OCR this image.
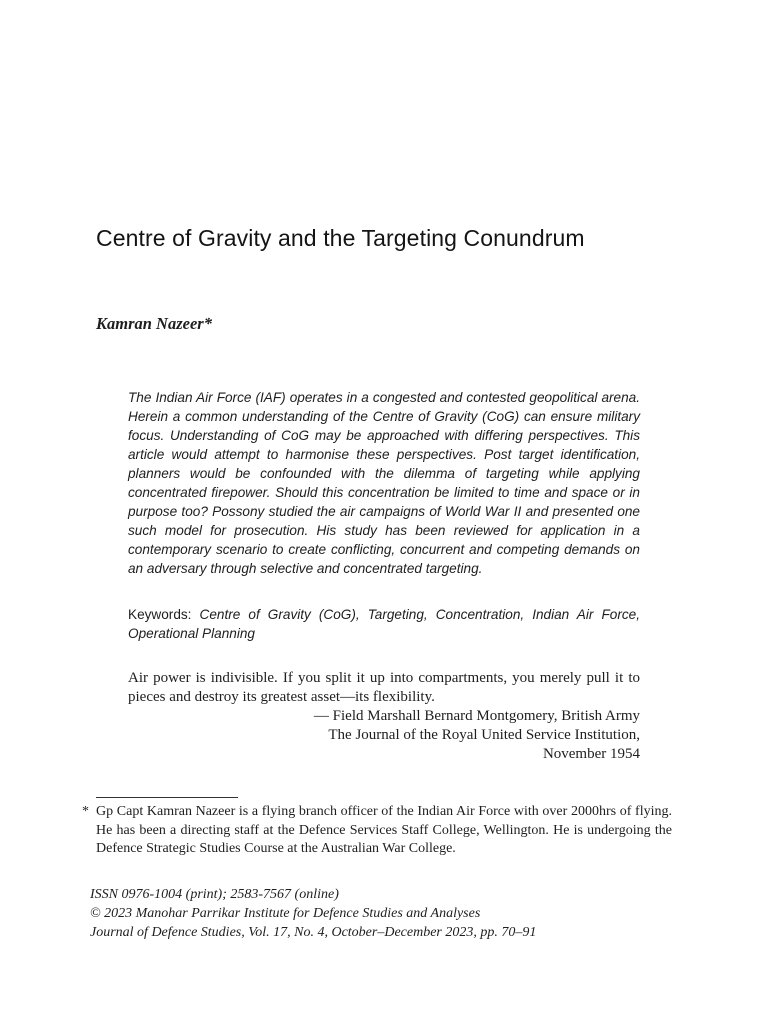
Centre of Gravity and the Targeting Conundrum

Kamran Nazeer*

The Indian Air Force (IAF) operates in a congested and contested geopolitical arena. Herein a common understanding of the Centre of Gravity (CoG) can ensure military focus. Understanding of CoG may be approached with differing perspectives. This article would attempt to harmonise these perspectives. Post target identification, planners would be confounded with the dilemma of targeting while applying concentrated firepower. Should this concentration be limited to time and space or in purpose too? Possony studied the air campaigns of World War II and presented one such model for prosecution. His study has been reviewed for application in a contemporary scenario to create conflicting, concurrent and competing demands on an adversary through selective and concentrated targeting.

Keywords: Centre of Gravity (CoG), Targeting, Concentration, Indian Air Force, Operational Planning

Air power is indivisible. If you split it up into compartments, you merely pull it to pieces and destroy its greatest asset—its flexibility.

— Field Marshall Bernard Montgomery, British Army

The Journal of the Royal United Service Institution,

November 1954

* Gp Capt Kamran Nazeer is a flying branch officer of the Indian Air Force with over 2000hrs of flying. He has been a directing staff at the Defence Services Staff College, Wellington. He is undergoing the Defence Strategic Studies Course at the Australian War College.

ISSN 0976-1004 (print); 2583-7567 (online)
© 2023 Manohar Parrikar Institute for Defence Studies and Analyses
Journal of Defence Studies, Vol. 17, No. 4, October–December 2023, pp. 70–91
